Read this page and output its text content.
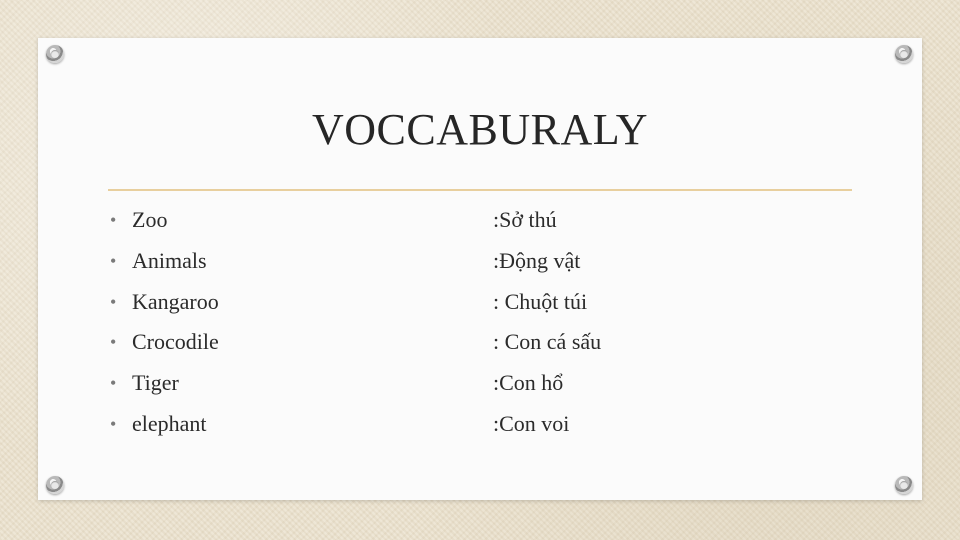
VOCCABURALY
• Zoo	:Sở thú
• Animals	:Động vật
• Kangaroo	: Chuột túi
• Crocodile	: Con cá sấu
• Tiger	:Con hổ
• elephant	:Con voi
